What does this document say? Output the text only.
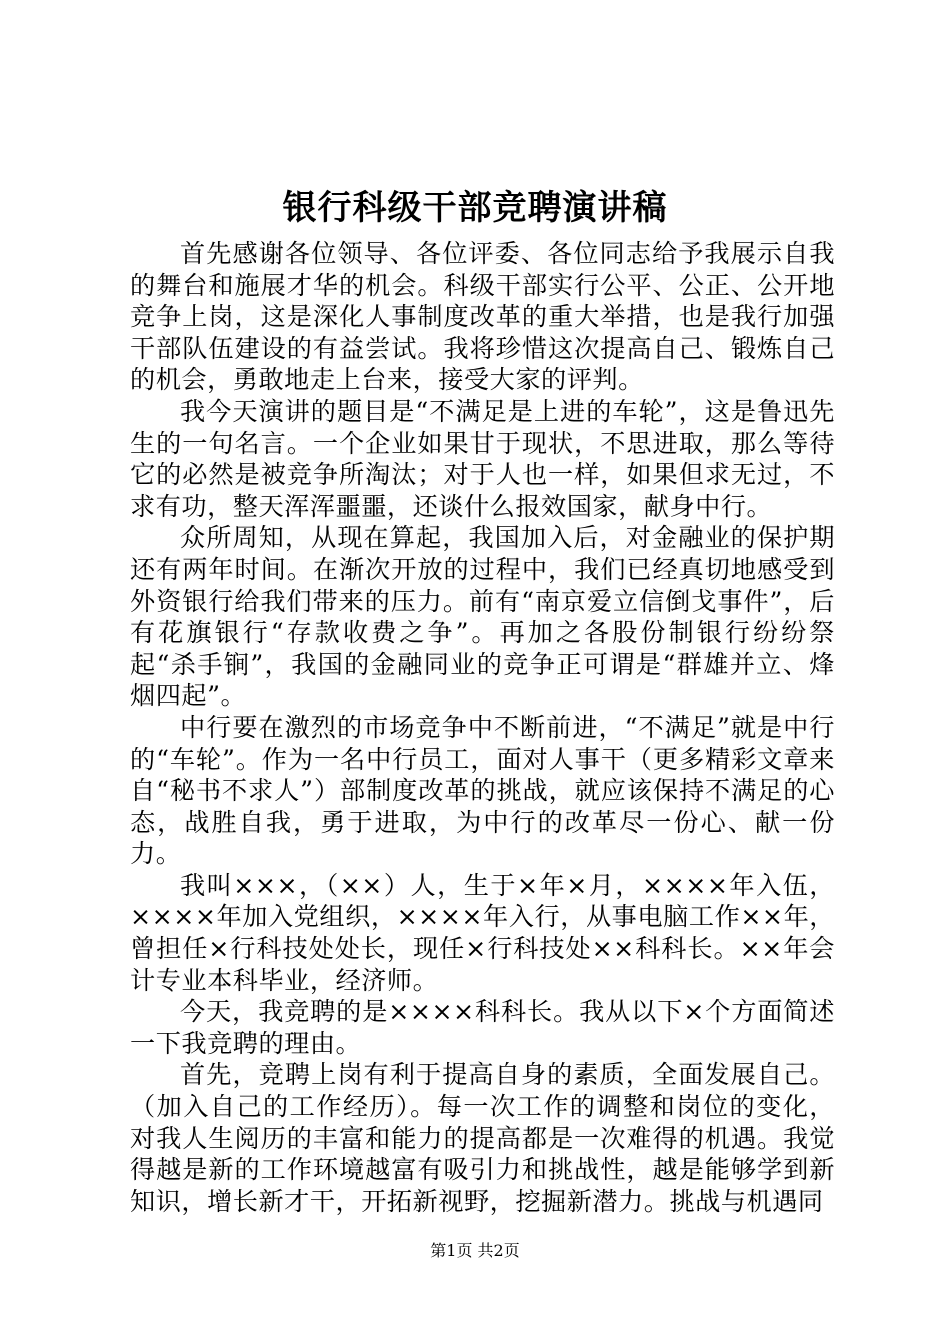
银行科级干部竞聘演讲稿

首先感谢各位领导、各位评委、各位同志给予我展示自我的舞台和施展才华的机会。科级干部实行公平、公正、公开地竞争上岗，这是深化人事制度改革的重大举措，也是我行加强干部队伍建设的有益尝试。我将珍惜这次提高自己、锻炼自己的机会，勇敢地走上台来，接受大家的评判。

我今天演讲的题目是“不满足是上进的车轮”，这是鲁迅先生的一句名言。一个企业如果甘于现状，不思进取，那么等待它的必然是被竞争所淘汰；对于人也一样，如果但求无过，不求有功，整天浑浑噩噩，还谈什么报效国家，献身中行。

众所周知，从现在算起，我国加入后，对金融业的保护期还有两年时间。在渐次开放的过程中，我们已经真切地感受到外资银行给我们带来的压力。前有“南京爱立信倒戈事件”，后有花旗银行“存款收费之争”。再加之各股份制银行纷纷祭起“杀手锏”，我国的金融同业的竞争正可谓是“群雄并立、烽烟四起”。

中行要在激烈的市场竞争中不断前进，“不满足”就是中行的“车轮”。作为一名中行员工，面对人事干（更多精彩文章来自“秘书不求人”）部制度改革的挑战，就应该保持不满足的心态，战胜自我，勇于进取，为中行的改革尽一份心、献一份力。

我叫×××，（××）人，生于×年×月，××××年入伍，××××年加入党组织，××××年入行，从事电脑工作××年，曾担任×行科技处处长，现任×行科技处××科科长。××年会计专业本科毕业，经济师。

今天，我竞聘的是××××科科长。我从以下×个方面简述一下我竞聘的理由。

首先，竞聘上岗有利于提高自身的素质，全面发展自己。（加入自己的工作经历）。每一次工作的调整和岗位的变化，对我人生阅历的丰富和能力的提高都是一次难得的机遇。我觉得越是新的工作环境越富有吸引力和挑战性，越是能够学到新知识，增长新才干，开拓新视野，挖掘新潜力。挑战与机遇同

第1页 共2页
